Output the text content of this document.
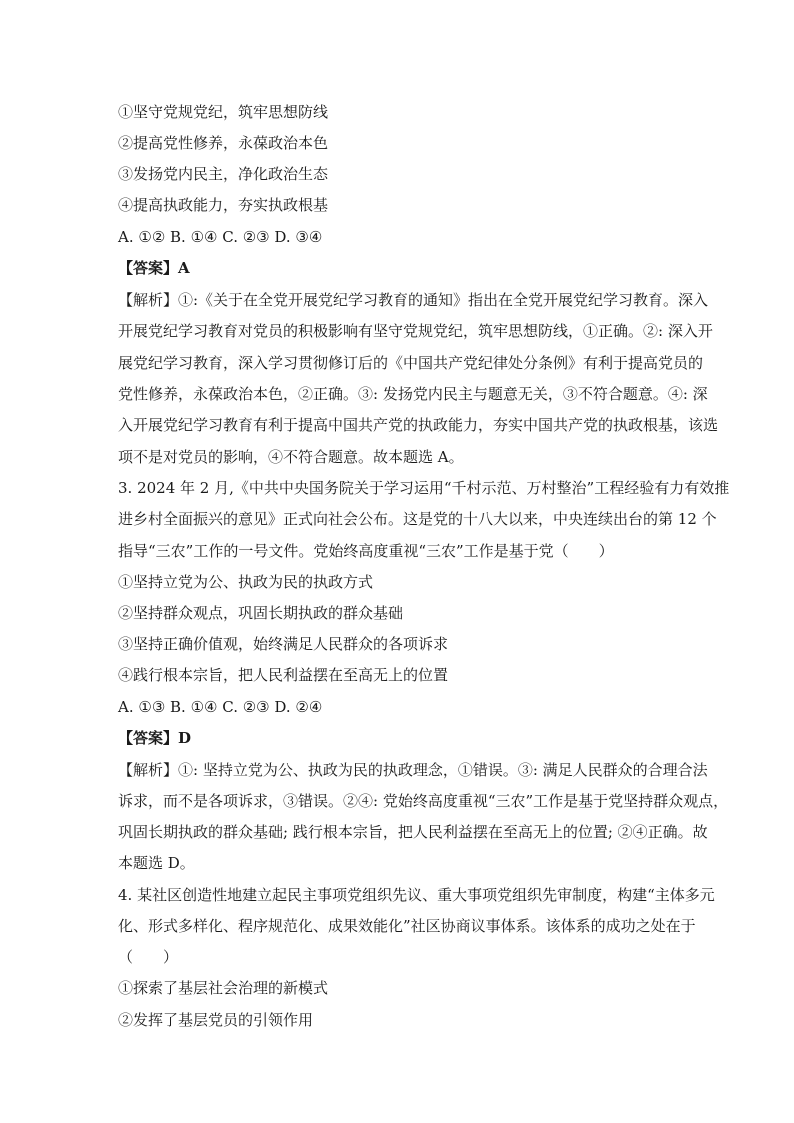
①坚守党规党纪，筑牢思想防线
②提高党性修养，永葆政治本色
③发扬党内民主，净化政治生态
④提高执政能力，夯实执政根基
A. ①② B. ①④ C. ②③ D. ③④
【答案】A
【解析】①:《关于在全党开展党纪学习教育的通知》指出在全党开展党纪学习教育。深入
开展党纪学习教育对党员的积极影响有坚守党规党纪，筑牢思想防线，①正确。②: 深入开
展党纪学习教育，深入学习贯彻修订后的《中国共产党纪律处分条例》有利于提高党员的
党性修养，永葆政治本色，②正确。③: 发扬党内民主与题意无关，③不符合题意。④: 深
入开展党纪学习教育有利于提高中国共产党的执政能力，夯实中国共产党的执政根基，该选
项不是对党员的影响，④不符合题意。故本题选 A。
3. 2024 年 2 月,《中共中央国务院关于学习运用“千村示范、万村整治”工程经验有力有效推
进乡村全面振兴的意见》正式向社会公布。这是党的十八大以来，中央连续出台的第 12 个
指导“三农”工作的一号文件。党始终高度重视“三农”工作是基于党（　　）
①坚持立党为公、执政为民的执政方式
②坚持群众观点，巩固长期执政的群众基础
③坚持正确价值观，始终满足人民群众的各项诉求
④践行根本宗旨，把人民利益摆在至高无上的位置
A. ①③ B. ①④ C. ②③ D. ②④
【答案】D
【解析】①: 坚持立党为公、执政为民的执政理念，①错误。③: 满足人民群众的合理合法
诉求，而不是各项诉求，③错误。②④: 党始终高度重视“三农”工作是基于党坚持群众观点，
巩固长期执政的群众基础; 践行根本宗旨，把人民利益摆在至高无上的位置; ②④正确。故
本题选 D。
4. 某社区创造性地建立起民主事项党组织先议、重大事项党组织先审制度，构建“主体多元
化、形式多样化、程序规范化、成果效能化”社区协商议事体系。该体系的成功之处在于
（　　）
①探索了基层社会治理的新模式
②发挥了基层党员的引领作用
